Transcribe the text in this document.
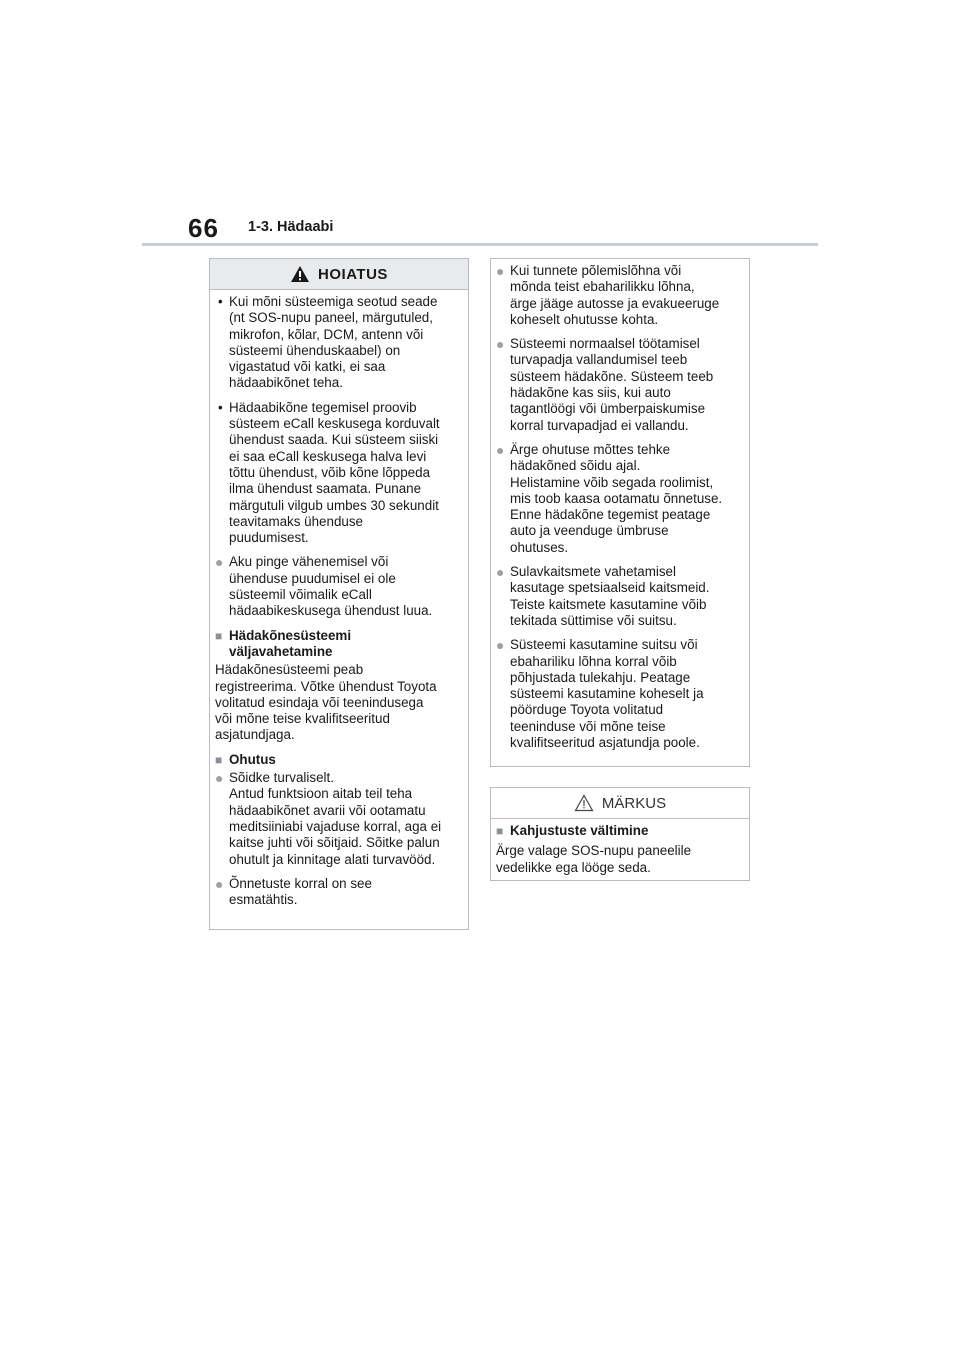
66 1-3. Hädaabi
HOIATUS
• Kui mõni süsteemiga seotud seade
(nt SOS-nupu paneel, märgutuled,
mikrofon, kõlar, DCM, antenn või
süsteemi ühenduskaabel) on
vigastatud või katki, ei saa
hädaabikõnet teha.
• Hädaabikõne tegemisel proovib
süsteem eCall keskusega korduvalt
ühendust saada. Kui süsteem siiski
ei saa eCall keskusega halva levi
tõttu ühendust, võib kõne lõppeda
ilma ühendust saamata. Punane
märgutuli vilgub umbes 30 sekundit
teavitamaks ühenduse
puudumisest.
● Aku pinge vähenemisel või
ühenduse puudumisel ei ole
süsteemil võimalik eCall
hädaabikeskusega ühendust luua.
■ Hädakõnesüsteemi
väljavahetamine
Hädakõnesüsteemi peab
registreerima. Võtke ühendust Toyota
volitatud esindaja või teenindusega
või mõne teise kvalifitseeritud
asjatundjaga.
■ Ohutus
● Sõidke turvaliselt.
Antud funktsioon aitab teil teha
hädaabikõnet avarii või ootamatu
meditsiiniabi vajaduse korral, aga ei
kaitse juhti või sõitjaid. Sõitke palun
ohutult ja kinnitage alati turvavööd.
● Õnnetuste korral on see
esmatähtis.
● Kui tunnete põlemislõhna või
mõnda teist ebaharilikku lõhna,
ärge jääge autosse ja evakueeruge
koheselt ohutusse kohta.
● Süsteemi normaalsel töötamisel
turvapadja vallandumisel teeb
süsteem hädakõne. Süsteem teeb
hädakõne kas siis, kui auto
tagantlöögi või ümberpaiskumise
korral turvapadjad ei vallandu.
● Ärge ohutuse mõttes tehke
hädakõned sõidu ajal.
Helistamine võib segada roolimist,
mis toob kaasa ootamatu õnnetuse.
Enne hädakõne tegemist peatage
auto ja veenduge ümbruse
ohutuses.
● Sulavkaitsmete vahetamisel
kasutage spetsiaalseid kaitsmeid.
Teiste kaitsmete kasutamine võib
tekitada süttimise või suitsu.
● Süsteemi kasutamine suitsu või
ebahariliku lõhna korral võib
põhjustada tulekahju. Peatage
süsteemi kasutamine koheselt ja
pöörduge Toyota volitatud
teeninduse või mõne teise
kvalifitseeritud asjatundja poole.
MÄRKUS
■ Kahjustuste vältimine
Ärge valage SOS-nupu paneelile
vedelikke ega lööge seda.
